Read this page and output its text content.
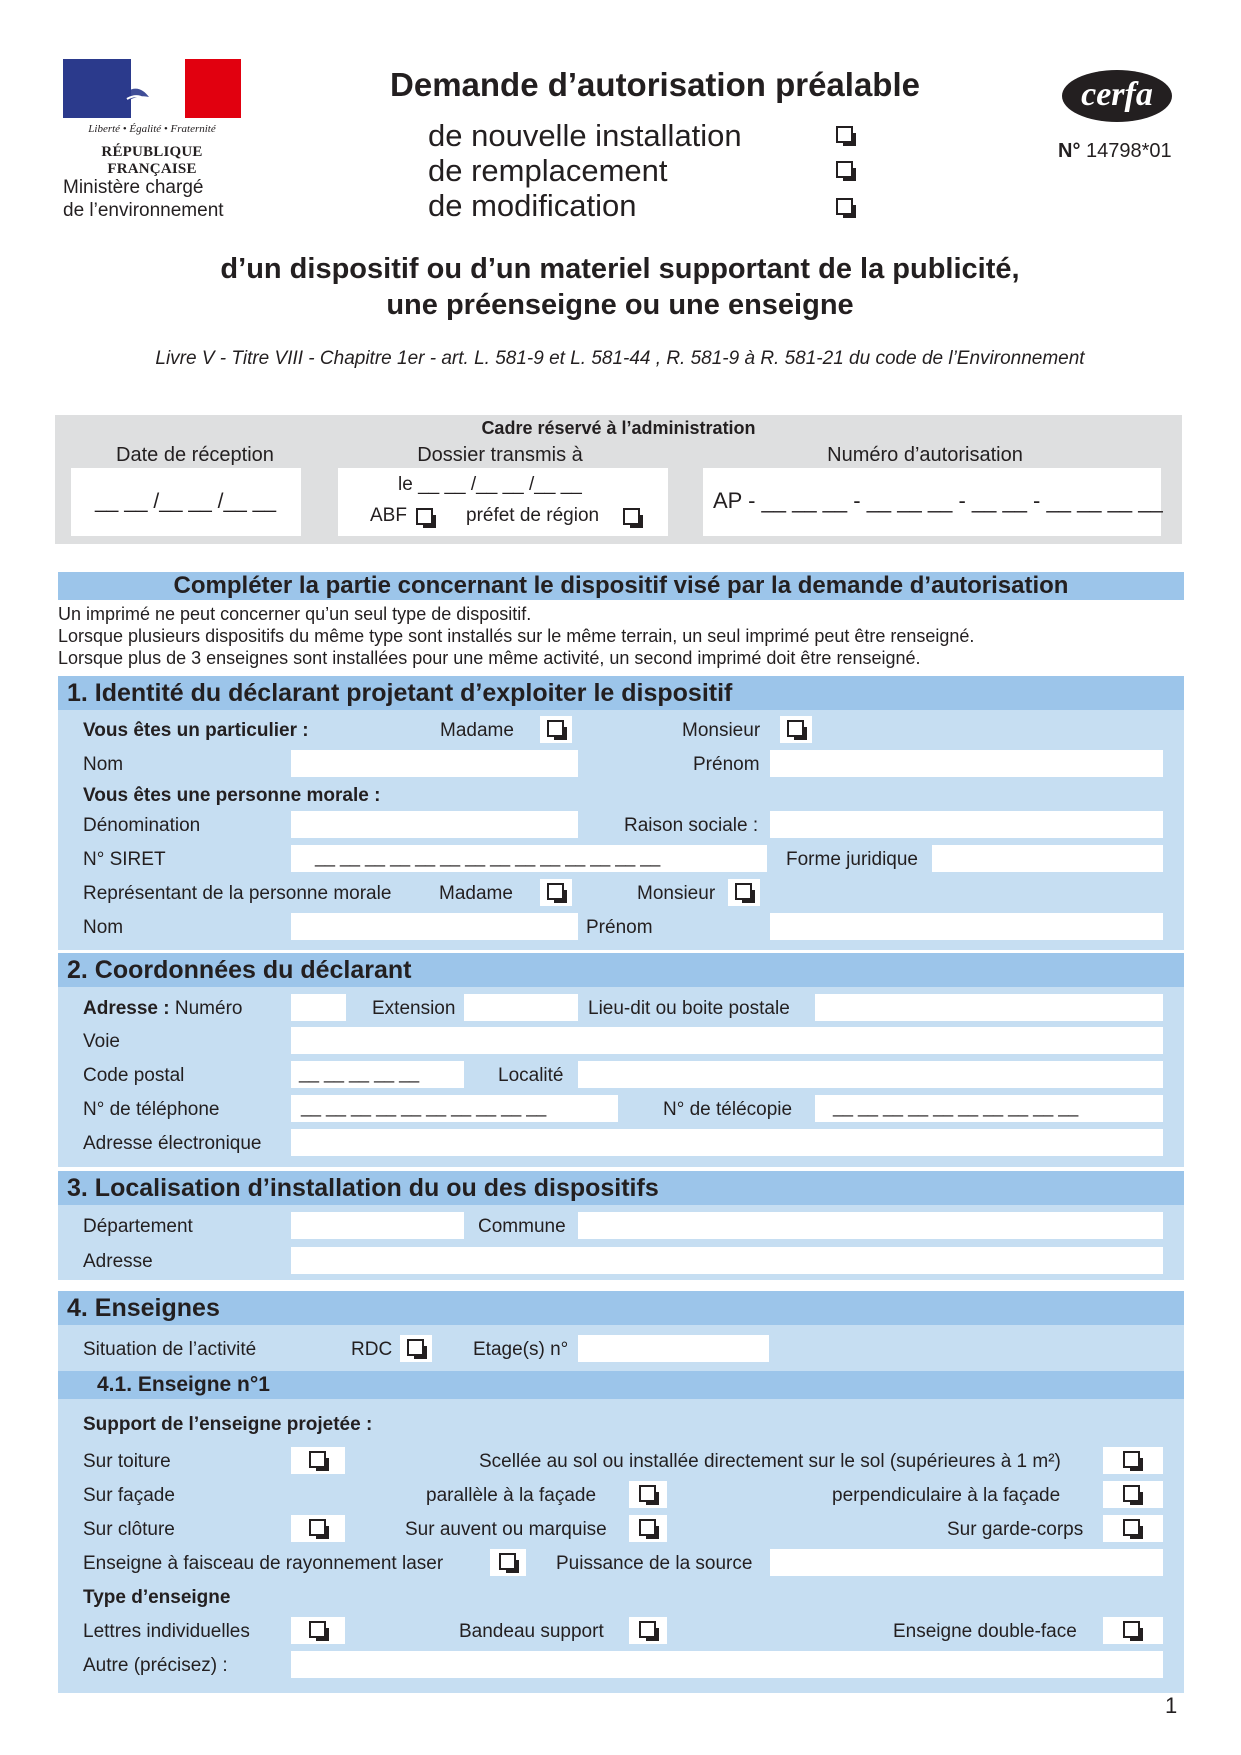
Liberté • Égalité • Fraternité
RÉPUBLIQUE FRANÇAISE
Ministère chargé
de l’environnement
Demande d’autorisation préalable
de nouvelle installation
de remplacement
de modification
cerfa
N° 14798*01
d’un dispositif ou d’un materiel supportant de la publicité,
une préenseigne ou une enseigne
Livre V - Titre VIII - Chapitre 1er - art. L. 581-9 et L. 581-44 , R. 581-9 à R. 581-21 du code de l’Environnement
Cadre réservé à l’administration
Date de réception	Dossier transmis à	Numéro d’autorisation
__ __ /__ __ /__ __
le __ __ /__ __ /__ __
ABF	préfet de région
AP - __ __ __ - __ __ __ - __ __ - __ __ __ __
Compléter la partie concernant le dispositif visé par la demande d’autorisation
Un imprimé ne peut concerner qu’un seul type de dispositif.
Lorsque plusieurs dispositifs du même type sont installés sur le même terrain, un seul imprimé peut être renseigné.
Lorsque plus de 3 enseignes sont installées pour une même activité, un second imprimé doit être renseigné.
1. Identité du déclarant projetant d’exploiter le dispositif
Vous êtes un particulier :	Madame	Monsieur
Nom	Prénom
Vous êtes une personne morale :
Dénomination	Raison sociale :
N° SIRET	__ __ __ __ __ __ __ __ __ __ __ __ __ __	Forme juridique
Représentant de la personne morale	Madame	Monsieur
Nom	Prénom
2. Coordonnées du déclarant
Adresse : Numéro	Extension	Lieu-dit ou boite postale
Voie
Code postal	__ __ __ __ __	Localité
N° de téléphone	__ __ __ __ __ __ __ __ __ __	N° de télécopie __ __ __ __ __ __ __ __ __ __
Adresse électronique
3. Localisation d’installation du ou des dispositifs
Département	Commune
Adresse
4. Enseignes
Situation de l’activité	RDC	Etage(s) n°
4.1. Enseigne n°1
Support de l’enseigne projetée :
Sur toiture	Scellée au sol ou installée directement sur le sol (supérieures à 1 m²)
Sur façade	parallèle à la façade	perpendiculaire à la façade
Sur clôture	Sur auvent ou marquise	Sur garde-corps
Enseigne à faisceau de rayonnement laser	Puissance de la source
Type d’enseigne
Lettres individuelles	Bandeau support	Enseigne double-face
Autre (précisez) :
1
